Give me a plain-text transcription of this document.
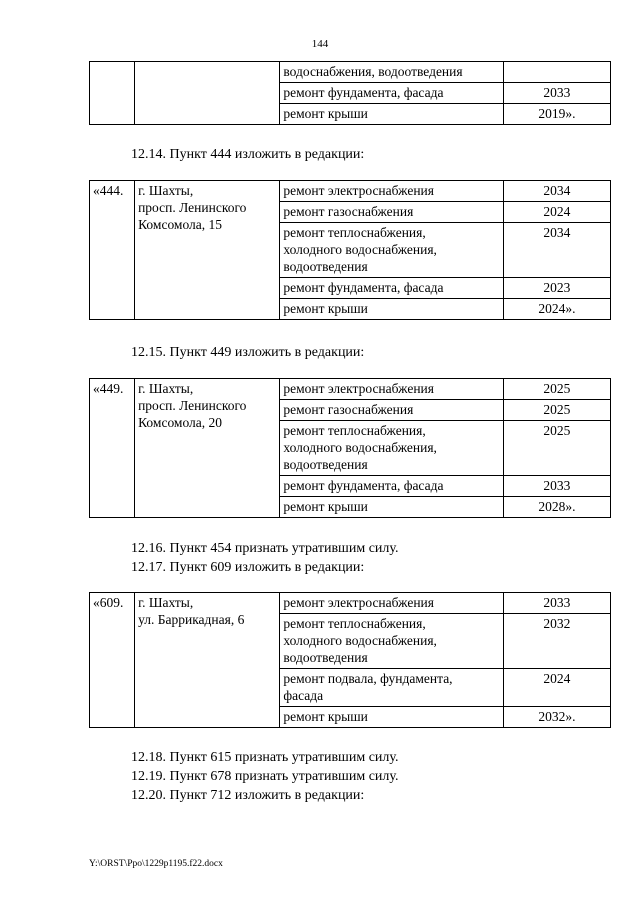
144
		водоснабжения, водоотведения	
		ремонт фундамента, фасада	2033
		ремонт крыши	2019».
12.14. Пункт 444 изложить в редакции:
«444.	г. Шахты,
просп. Ленинского
Комсомола, 15	ремонт электроснабжения	2034
		ремонт газоснабжения	2024
		ремонт теплоснабжения,
холодного водоснабжения,
водоотведения	2034
		ремонт фундамента, фасада	2023
		ремонт крыши	2024».
12.15. Пункт 449 изложить в редакции:
«449.	г. Шахты,
просп. Ленинского
Комсомола, 20	ремонт электроснабжения	2025
		ремонт газоснабжения	2025
		ремонт теплоснабжения,
холодного водоснабжения,
водоотведения	2025
		ремонт фундамента, фасада	2033
		ремонт крыши	2028».
12.16. Пункт 454 признать утратившим силу.
12.17. Пункт 609 изложить в редакции:
«609.	г. Шахты,
ул. Баррикадная, 6	ремонт электроснабжения	2033
		ремонт теплоснабжения,
холодного водоснабжения,
водоотведения	2032
		ремонт подвала, фундамента,
фасада	2024
		ремонт крыши	2032».
12.18. Пункт 615 признать утратившим силу.
12.19. Пункт 678 признать утратившим силу.
12.20. Пункт 712 изложить в редакции:
Y:\ORST\Ppo\1229p1195.f22.docx
